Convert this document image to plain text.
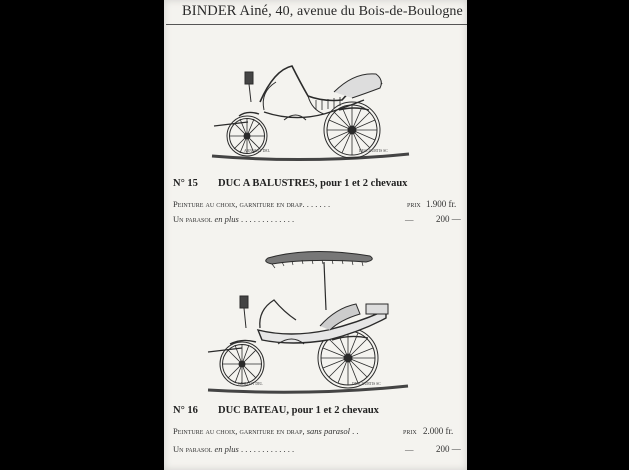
BINDER Ainé, 40, avenue du Bois-de-Boulogne
ARNOULT DEL	DESCOURTIS SC
N° 15 DUC A BALUSTRES, pour 1 et 2 chevaux
Peinture au choix, garniture en drap. . . . . . .	prix 1.900 fr.
Un parasol en plus . . . . . . . . . . . . .	—	200 —
GUILLOT DEL	DESCOURTIS SC
N° 16 DUC BATEAU, pour 1 et 2 chevaux
Peinture au choix, garniture en drap, sans parasol . .	prix 2.000 fr.
Un parasol en plus . . . . . . . . . . . . .	—	200 —
